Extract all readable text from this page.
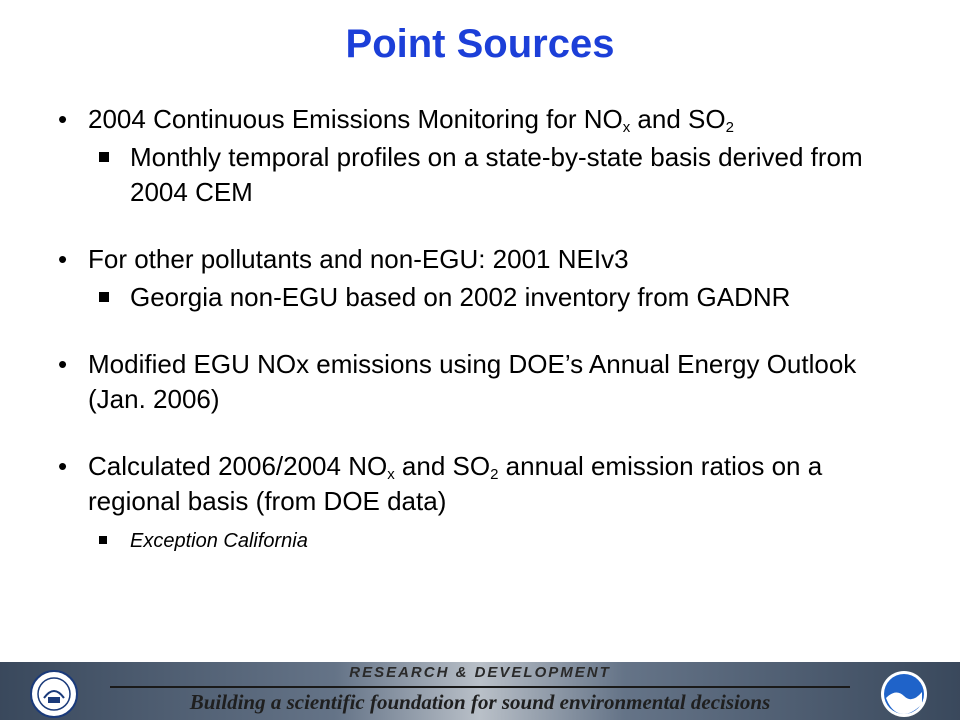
Point Sources
• 2004 Continuous Emissions Monitoring for $NO_x$ and $SO_2$
Monthly temporal profiles on a state-by-state basis derived from 2004 CEM
• For other pollutants and non-EGU: 2001 NEIv3
Georgia non-EGU based on 2002 inventory from GADNR
• Modified EGU NOx emissions using DOE’s Annual Energy Outlook (Jan. 2006)
• Calculated 2006/2004 $NO_x$ and $SO_2$ annual emission ratios on a regional basis (from DOE data)
Exception California
RESEARCH & DEVELOPMENT
Building a scientific foundation for sound environmental decisions
